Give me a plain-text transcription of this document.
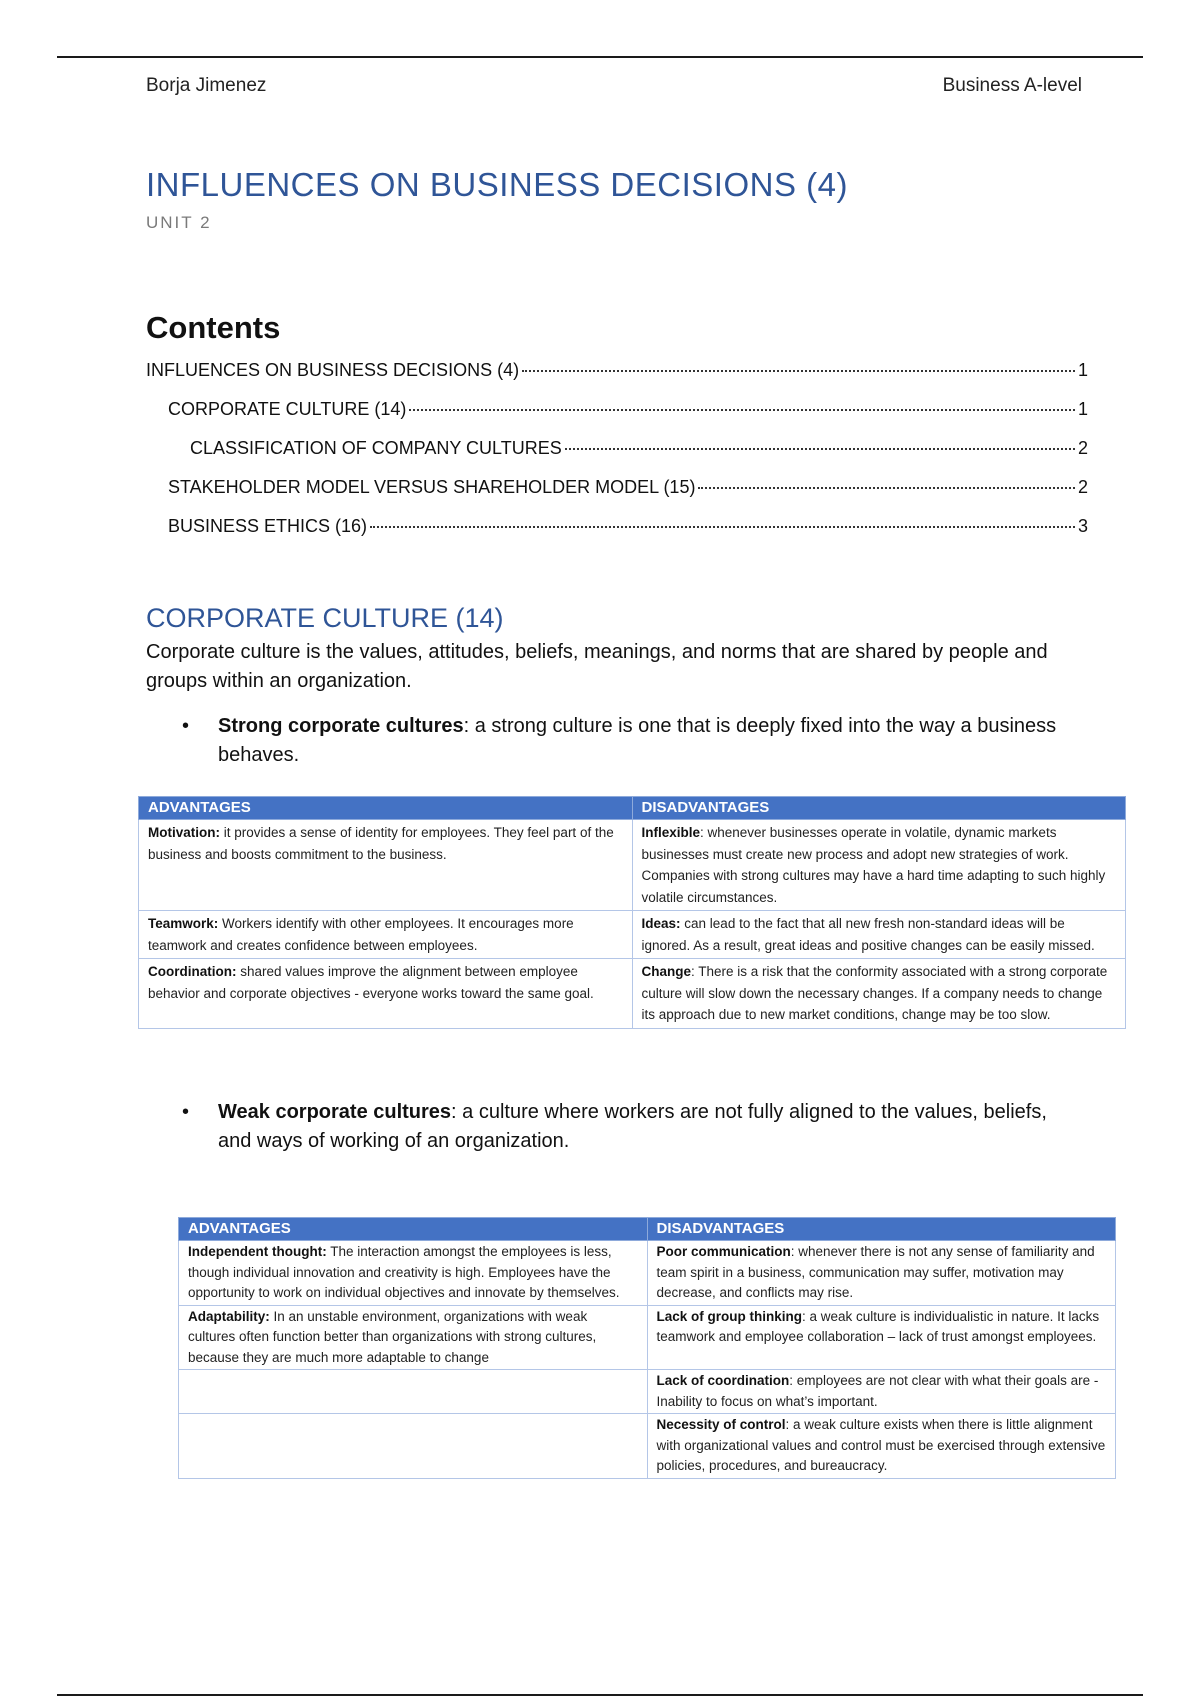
Borja Jimenez	Business A-level
INFLUENCES ON BUSINESS DECISIONS (4)
UNIT 2
Contents
INFLUENCES ON BUSINESS DECISIONS (4)	1
CORPORATE CULTURE (14)	1
CLASSIFICATION OF COMPANY CULTURES	2
STAKEHOLDER MODEL VERSUS SHAREHOLDER MODEL (15)	2
BUSINESS ETHICS (16)	3
CORPORATE CULTURE (14)

Corporate culture is the values, attitudes, beliefs, meanings, and norms that are shared by people and groups within an organization.

• Strong corporate cultures: a strong culture is one that is deeply fixed into the way a business behaves.
ADVANTAGES	DISADVANTAGES
Motivation: it provides a sense of identity for employees. They feel part of the business and boosts commitment to the business.	Inflexible: whenever businesses operate in volatile, dynamic markets businesses must create new process and adopt new strategies of work. Companies with strong cultures may have a hard time adapting to such highly volatile circumstances.
Teamwork: Workers identify with other employees. It encourages more teamwork and creates confidence between employees.	Ideas: can lead to the fact that all new fresh non-standard ideas will be ignored. As a result, great ideas and positive changes can be easily missed.
Coordination: shared values improve the alignment between employee behavior and corporate objectives - everyone works toward the same goal.	Change: There is a risk that the conformity associated with a strong corporate culture will slow down the necessary changes. If a company needs to change its approach due to new market conditions, change may be too slow.
• Weak corporate cultures: a culture where workers are not fully aligned to the values, beliefs, and ways of working of an organization.
ADVANTAGES	DISADVANTAGES
Independent thought: The interaction amongst the employees is less, though individual innovation and creativity is high. Employees have the opportunity to work on individual objectives and innovate by themselves.	Poor communication: whenever there is not any sense of familiarity and team spirit in a business, communication may suffer, motivation may decrease, and conflicts may rise.
Adaptability: In an unstable environment, organizations with weak cultures often function better than organizations with strong cultures, because they are much more adaptable to change	Lack of group thinking: a weak culture is individualistic in nature. It lacks teamwork and employee collaboration – lack of trust amongst employees.
	Lack of coordination: employees are not clear with what their goals are - Inability to focus on what’s important.
	Necessity of control: a weak culture exists when there is little alignment with organizational values and control must be exercised through extensive policies, procedures, and bureaucracy.
